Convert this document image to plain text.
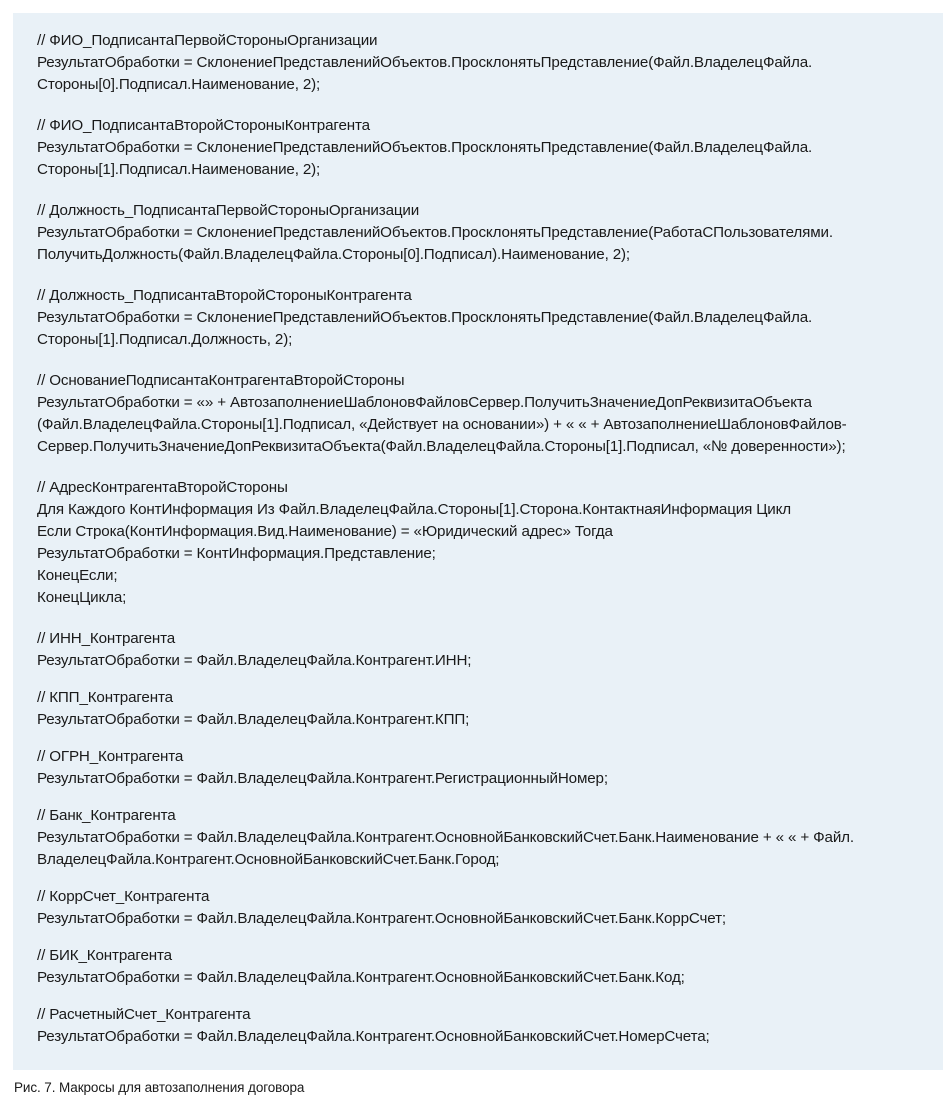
// ФИО_ПодписантаПервойСтороныОрганизации
РезультатОбработки = СклонениеПредставленийОбъектов.ПросклонятьПредставление(Файл.ВладелецФайла.
Стороны[0].Подписал.Наименование, 2);
// ФИО_ПодписантаВторойСтороныКонтрагента
РезультатОбработки = СклонениеПредставленийОбъектов.ПросклонятьПредставление(Файл.ВладелецФайла.
Стороны[1].Подписал.Наименование, 2);
// Должность_ПодписантаПервойСтороныОрганизации
РезультатОбработки = СклонениеПредставленийОбъектов.ПросклонятьПредставление(РаботаСПользователями.
ПолучитьДолжность(Файл.ВладелецФайла.Стороны[0].Подписал).Наименование, 2);
// Должность_ПодписантаВторойСтороныКонтрагента
РезультатОбработки = СклонениеПредставленийОбъектов.ПросклонятьПредставление(Файл.ВладелецФайла.
Стороны[1].Подписал.Должность, 2);
// ОснованиеПодписантаКонтрагентаВторойСтороны
РезультатОбработки = «» + АвтозаполнениеШаблоновФайловСервер.ПолучитьЗначениеДопРеквизитаОбъекта
(Файл.ВладелецФайла.Стороны[1].Подписал, «Действует на основании») + « « + АвтозаполнениеШаблоновФайлов-
Сервер.ПолучитьЗначениеДопРеквизитаОбъекта(Файл.ВладелецФайла.Стороны[1].Подписал, «№ доверенности»);
// АдресКонтрагентаВторойСтороны
Для Каждого КонтИнформация Из Файл.ВладелецФайла.Стороны[1].Сторона.КонтактнаяИнформация Цикл
Если Строка(КонтИнформация.Вид.Наименование) = «Юридический адрес» Тогда
РезультатОбработки = КонтИнформация.Представление;
КонецЕсли;
КонецЦикла;
// ИНН_Контрагента
РезультатОбработки = Файл.ВладелецФайла.Контрагент.ИНН;
// КПП_Контрагента
РезультатОбработки = Файл.ВладелецФайла.Контрагент.КПП;
// ОГРН_Контрагента
РезультатОбработки = Файл.ВладелецФайла.Контрагент.РегистрационныйНомер;
// Банк_Контрагента
РезультатОбработки = Файл.ВладелецФайла.Контрагент.ОсновнойБанковскийСчет.Банк.Наименование + « « + Файл.
ВладелецФайла.Контрагент.ОсновнойБанковскийСчет.Банк.Город;
// КоррСчет_Контрагента
РезультатОбработки = Файл.ВладелецФайла.Контрагент.ОсновнойБанковскийСчет.Банк.КоррСчет;
// БИК_Контрагента
РезультатОбработки = Файл.ВладелецФайла.Контрагент.ОсновнойБанковскийСчет.Банк.Код;
// РасчетныйСчет_Контрагента
РезультатОбработки = Файл.ВладелецФайла.Контрагент.ОсновнойБанковскийСчет.НомерСчета;
Рис. 7. Макросы для автозаполнения договора
